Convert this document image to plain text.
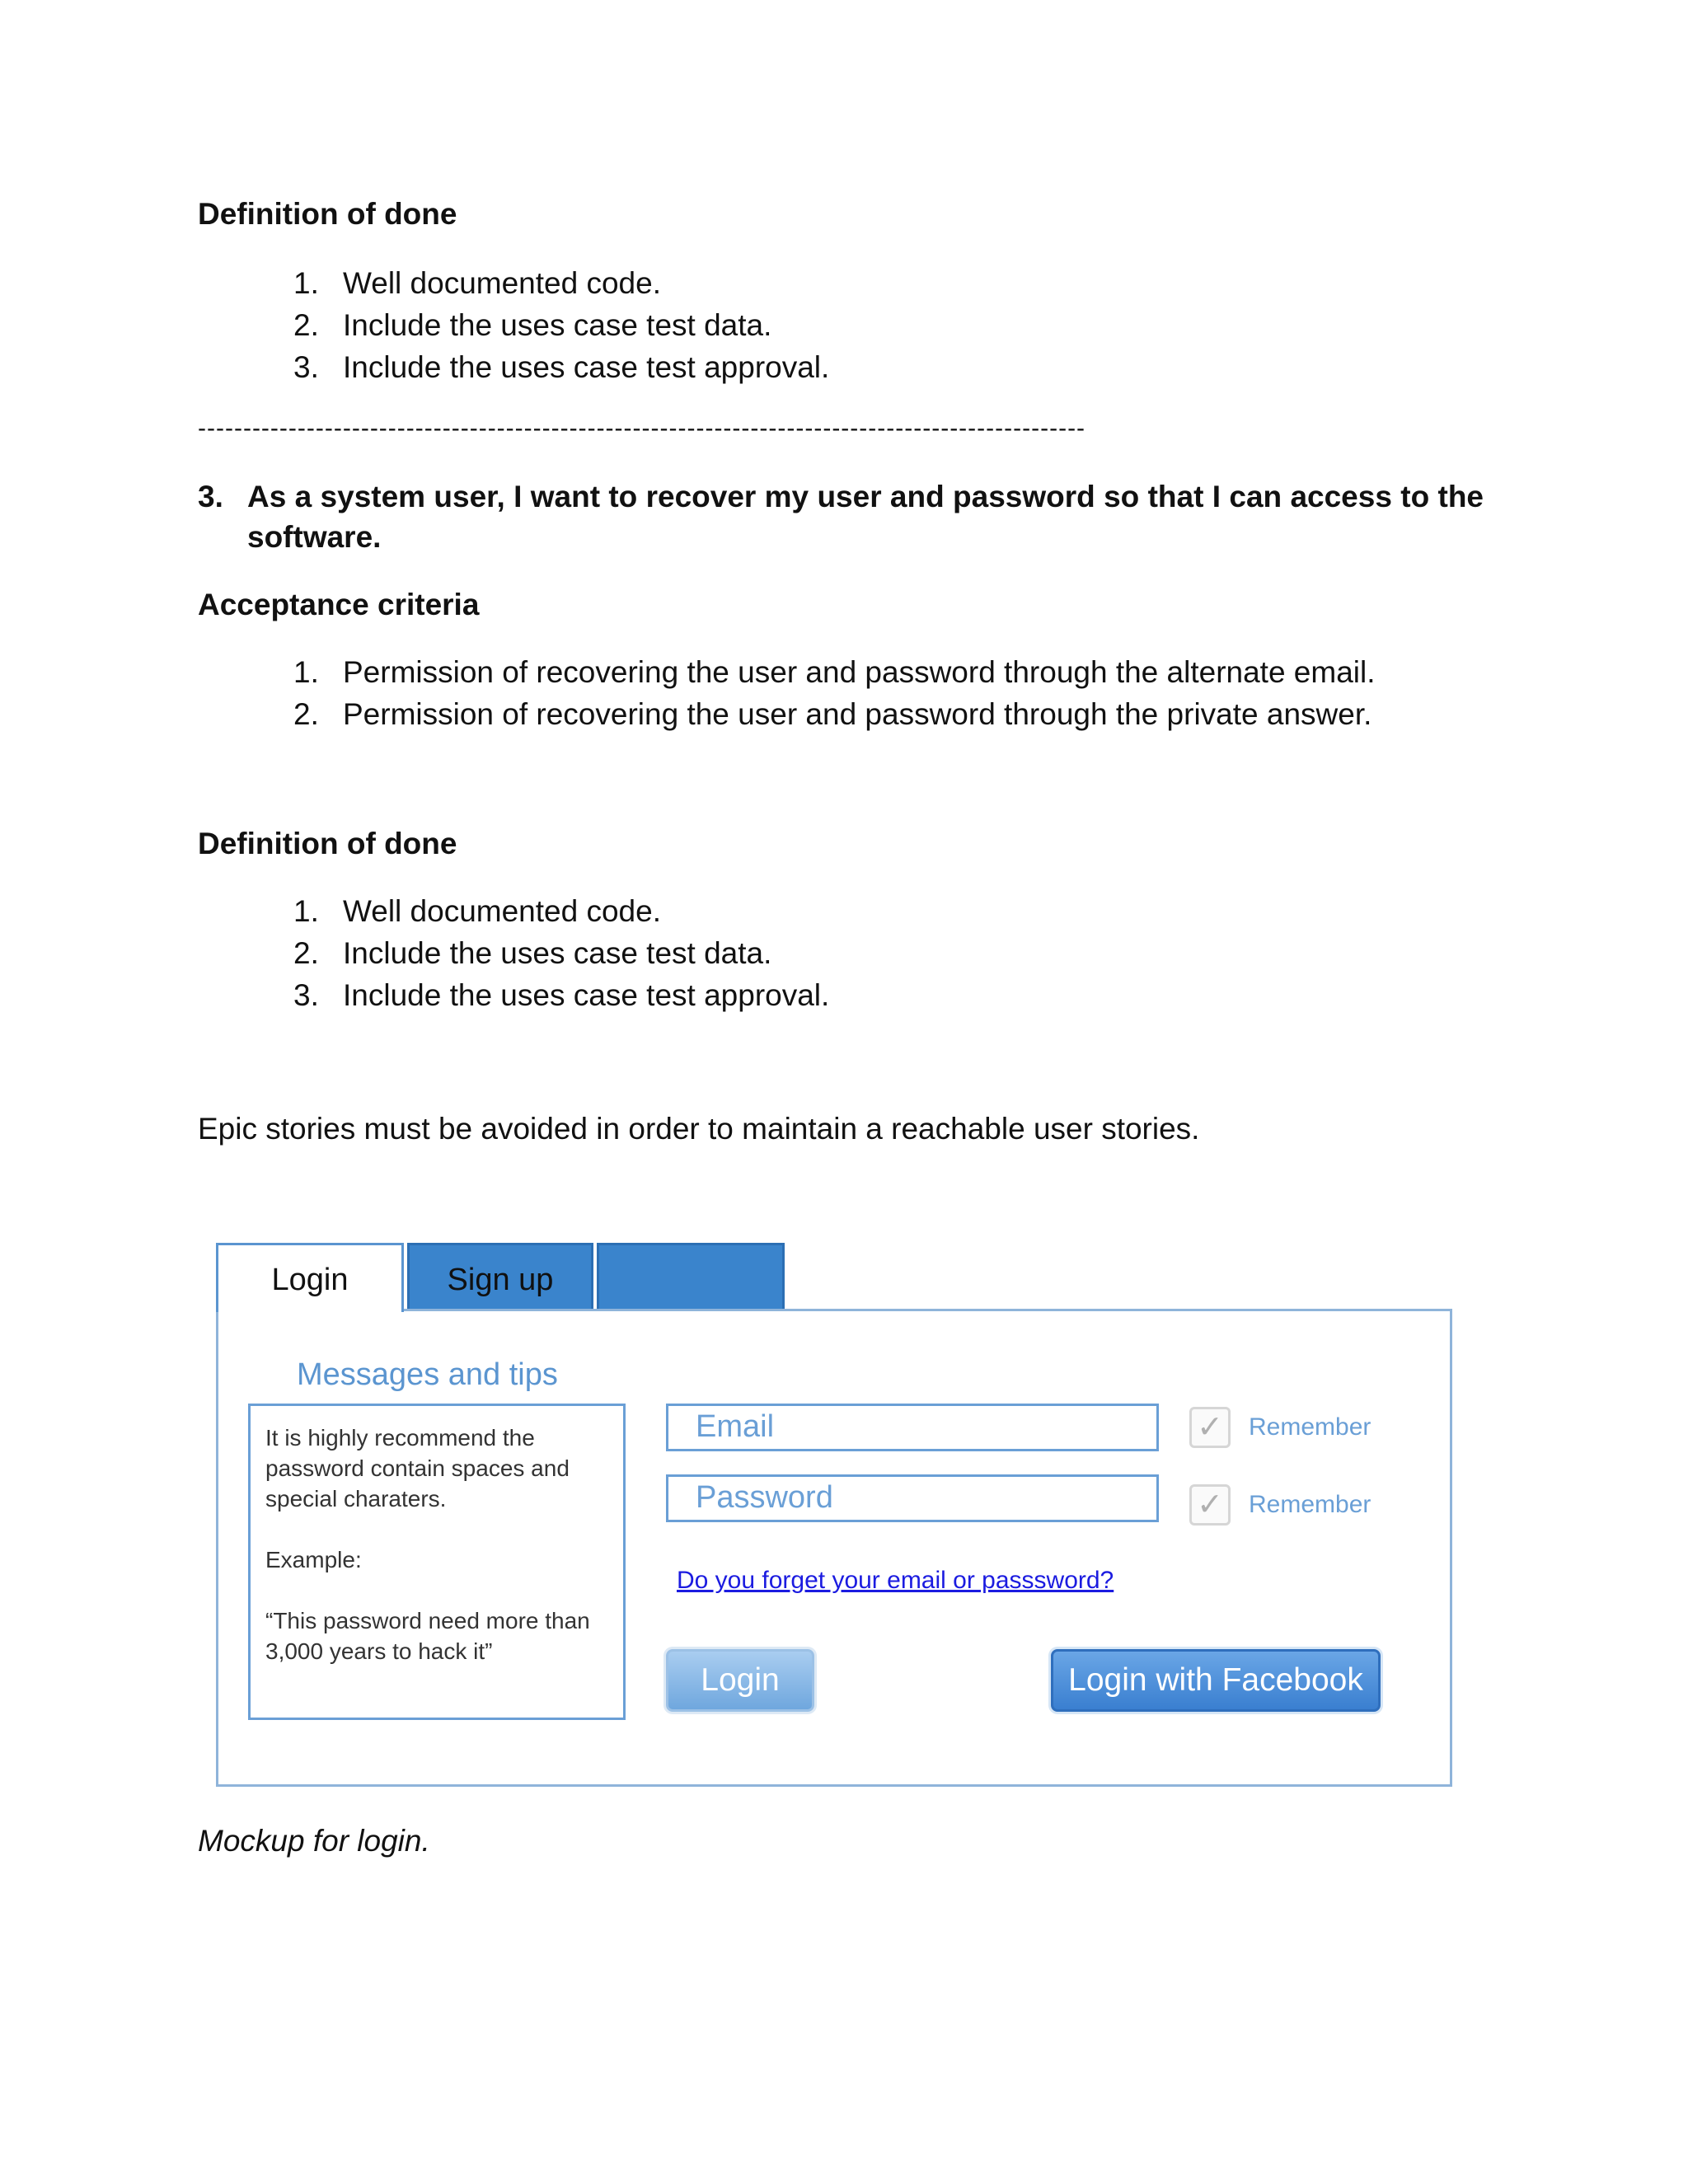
Definition of done
1. Well documented code.
2. Include the uses case test data.
3. Include the uses case test approval.
--------------------------------------------------------------------------------------------------
3. As a system user, I want to recover my user and password so that I can access to the software.
Acceptance criteria
1. Permission of recovering the user and password through the alternate email.
2. Permission of recovering the user and password through the private answer.
Definition of done
1. Well documented code.
2. Include the uses case test data.
3. Include the uses case test approval.
Epic stories must be avoided in order to maintain a reachable user stories.
Login	Sign up
Messages and tips

It is highly recommend the password contain spaces and special charaters.

Example:

“This password need more than 3,000 years to hack it”

Email
Password
✓	Remember
✓	Remember
Do you forget your email or passsword?
Login	Login with Facebook
Mockup for login.
